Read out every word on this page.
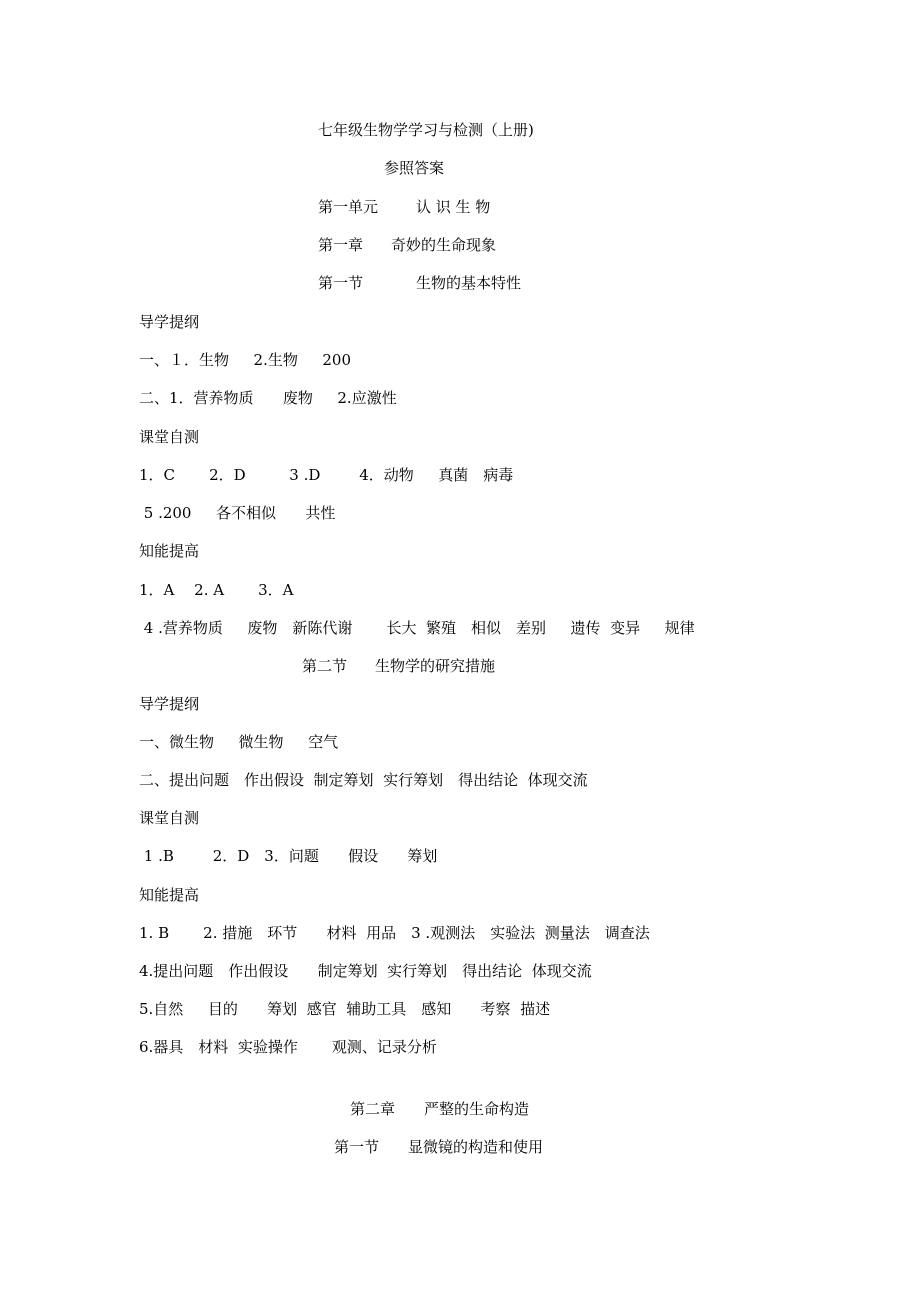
七年级生物学学习与检测（上册)
参照答案
第一单元	认 识 生 物
第一章 奇妙的生命现象
第一节	生物的基本特性
导学提纲
一、１．生物　  2.生物　  200
二、1．营养物质　   废物　  2.应激性
课堂自测
1．C　    2．D　      3 .D　     4．动物　  真菌　病毒
5 .200　  各不相似　   共性
知能提高
1．A　 2. A　    3．A
4 .营养物质　  废物　新陈代谢　    长大  繁殖　相似　差别　  遗传  变异　  规律
第二节 生物学的研究措施
导学提纲
一、微生物　  微生物　  空气
二、提出问题　作出假设  制定筹划  实行筹划　得出结论  体现交流
课堂自测
1 .B　     2．D　3．问题　   假设　   筹划
知能提高
1. B　    2. 措施　环节　   材料  用品　3 .观测法　实验法  测量法　调查法
4.提出问题　作出假设　   制定筹划  实行筹划　得出结论  体现交流
5.自然　  目的　   筹划  感官  辅助工具　感知　   考察  描述
6.器具　材料  实验操作　    观测、记录分析
第二章 严整的生命构造
第一节 显微镜的构造和使用
